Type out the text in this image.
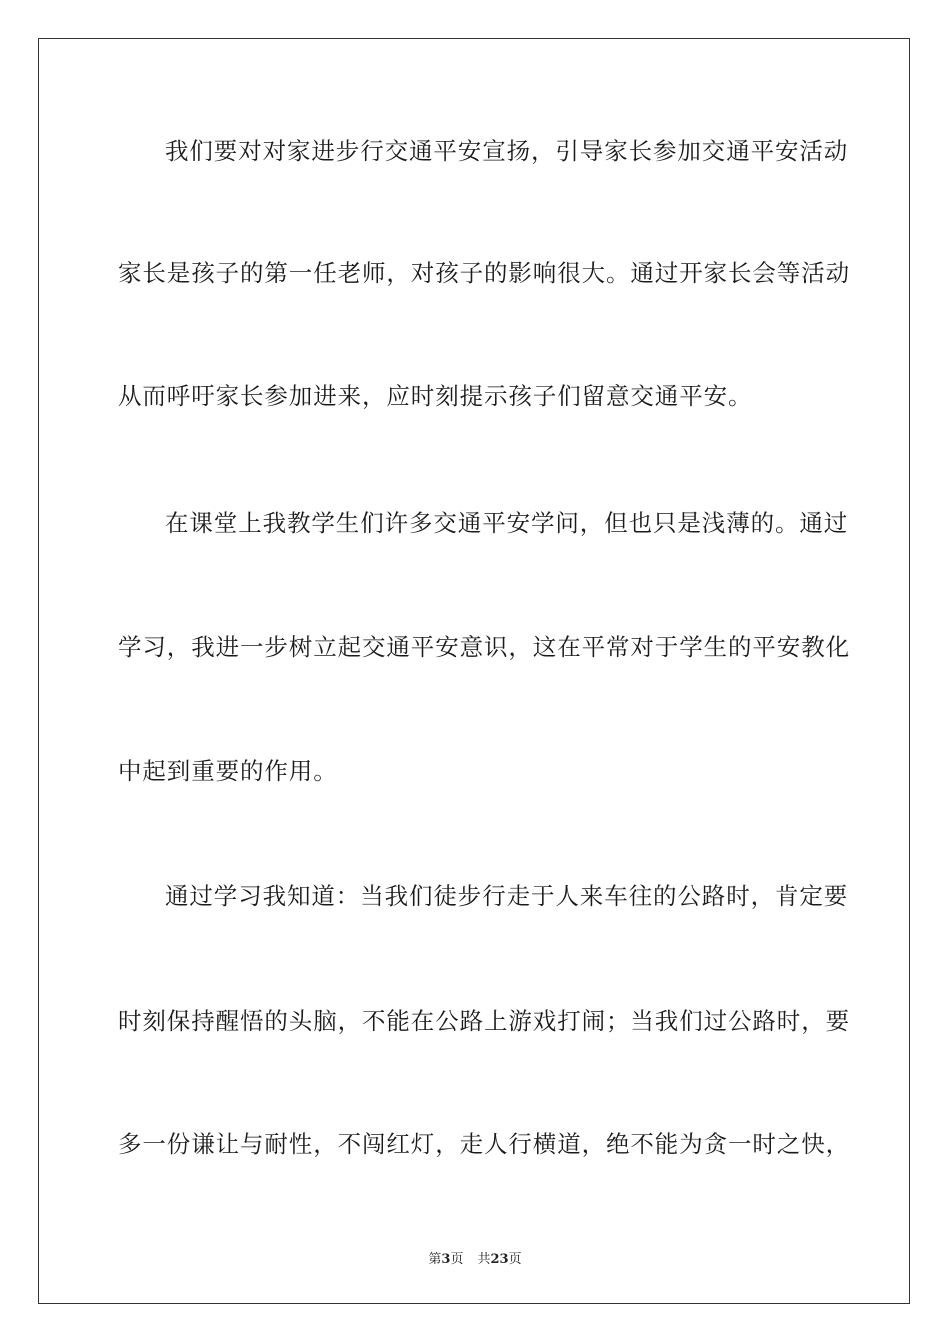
我们要对对家进步行交通平安宣扬，引导家长参加交通平安活动
家长是孩子的第一任老师，对孩子的影响很大。通过开家长会等活动
从而呼吁家长参加进来，应时刻提示孩子们留意交通平安。
在课堂上我教学生们许多交通平安学问，但也只是浅薄的。通过
学习，我进一步树立起交通平安意识，这在平常对于学生的平安教化
中起到重要的作用。
通过学习我知道：当我们徒步行走于人来车往的公路时，肯定要
时刻保持醒悟的头脑，不能在公路上游戏打闹；当我们过公路时，要
多一份谦让与耐性，不闯红灯，走人行横道，绝不能为贪一时之快，
第3页 共23页
